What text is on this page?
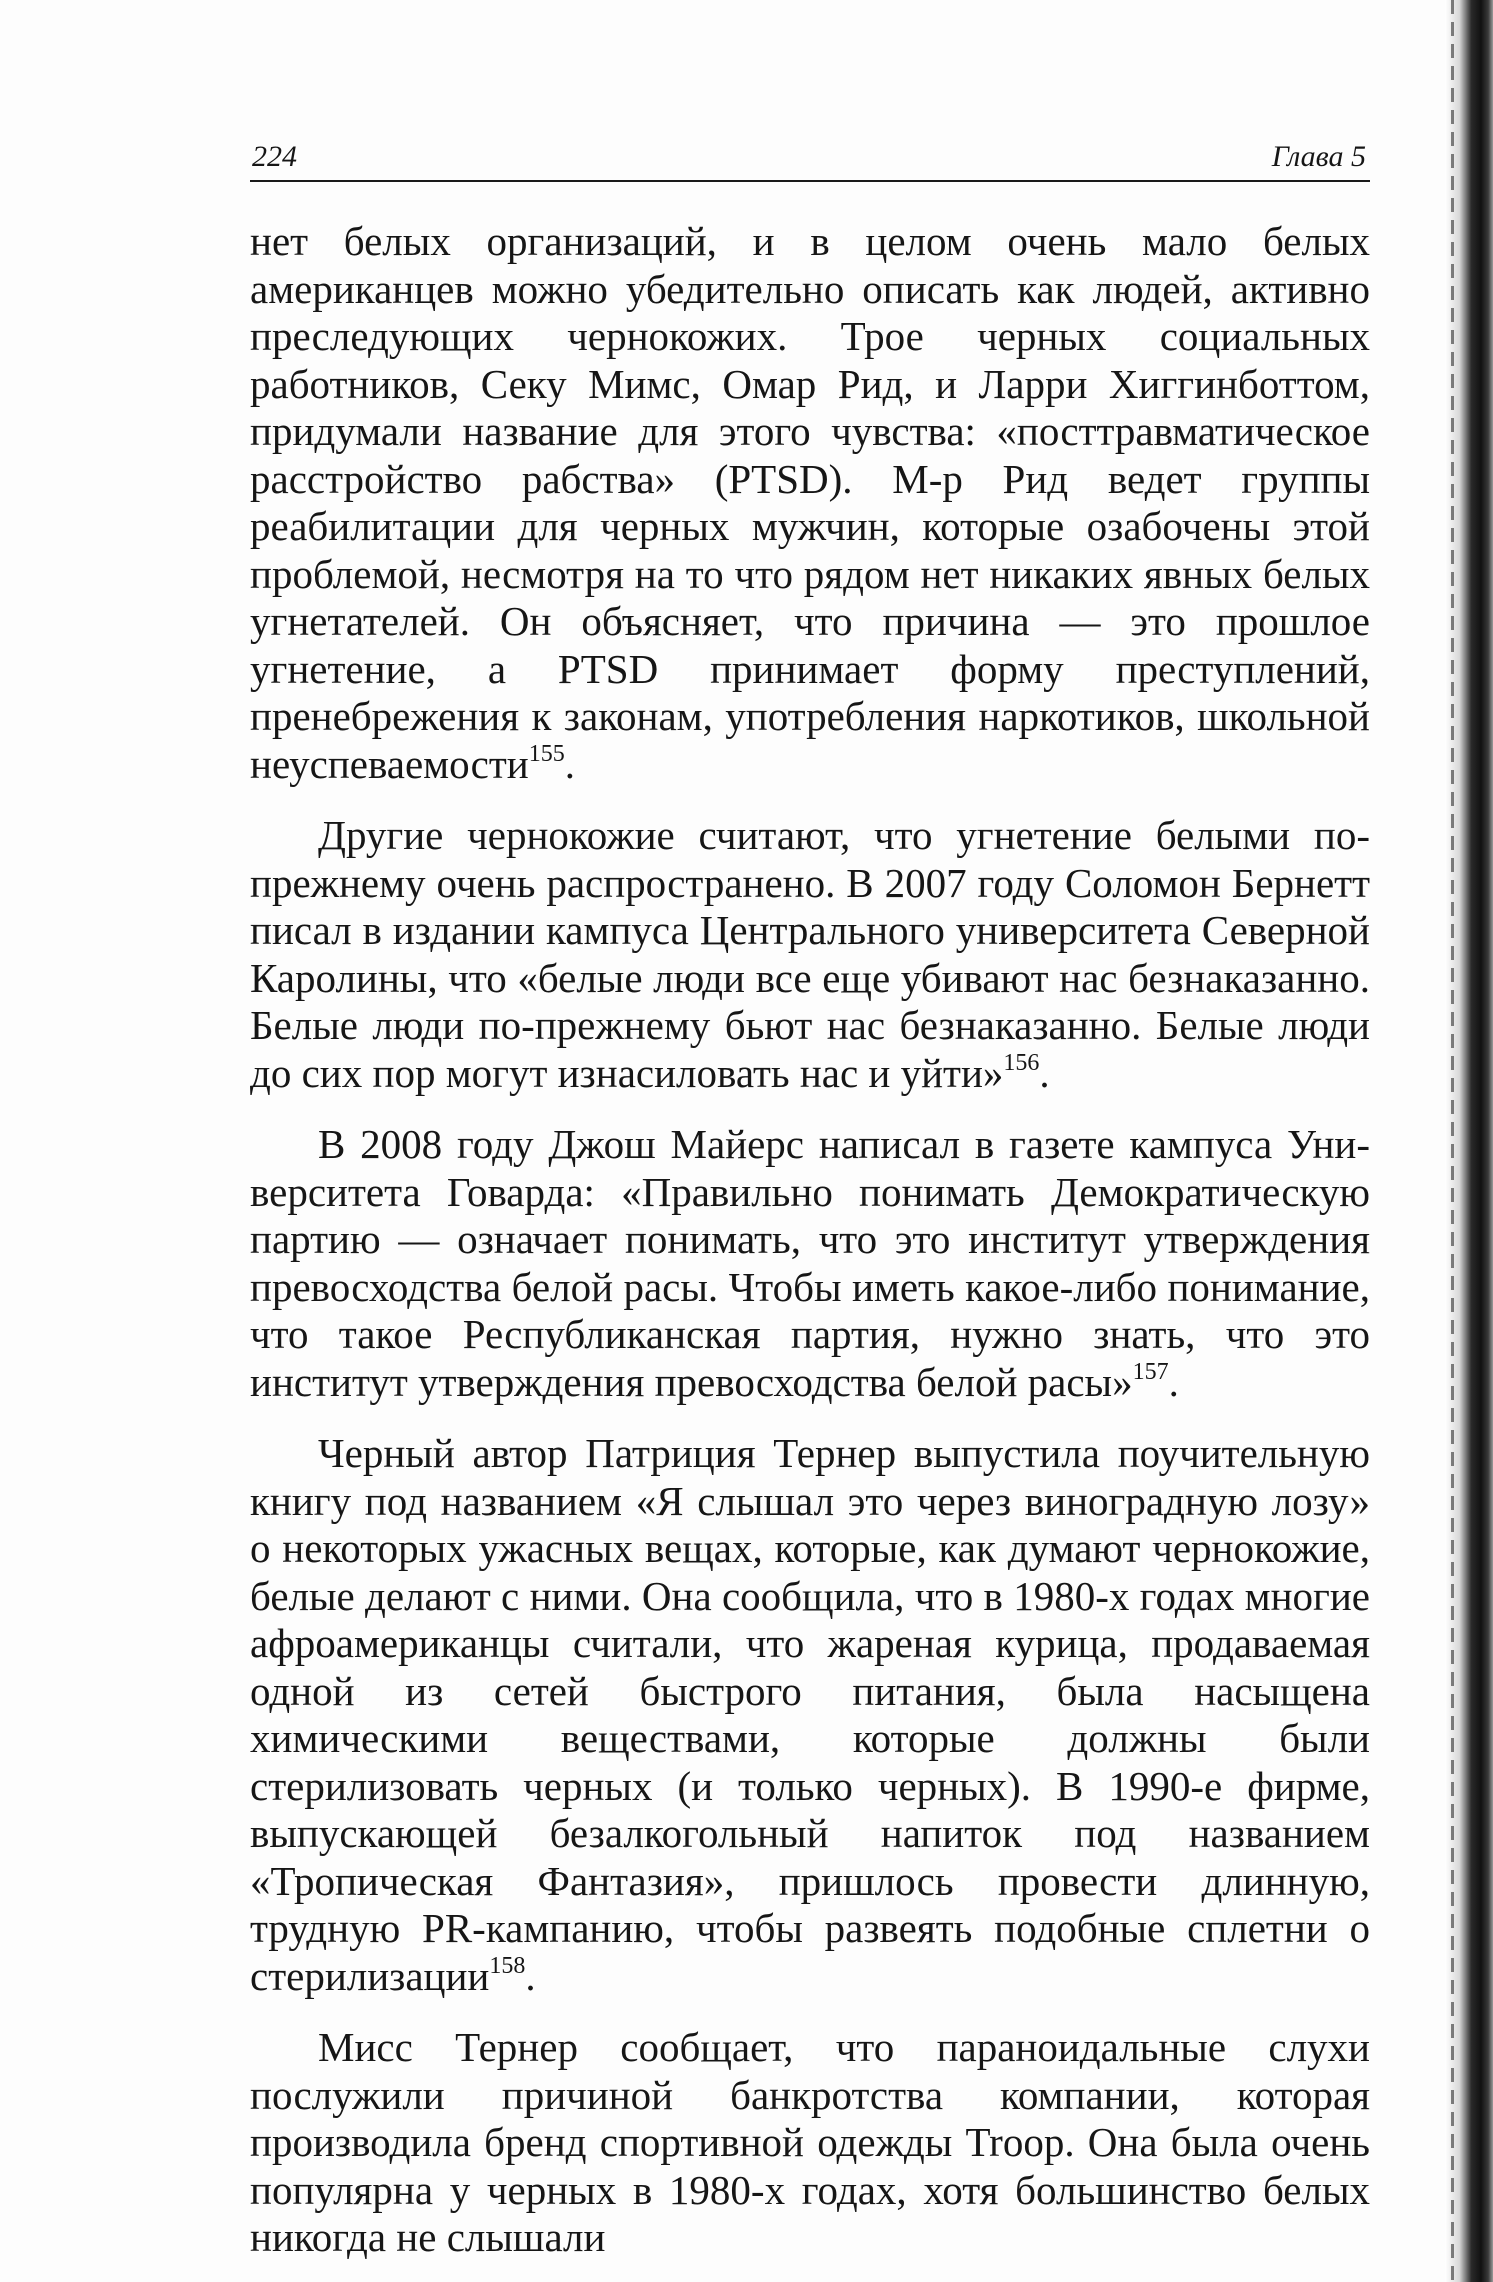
224	Глава 5

нет белых организаций, и в целом очень мало белых американцев можно убедительно описать как людей, активно преследующих чернокожих. Трое черных социальных работников, Секу Мимс, Омар Рид, и Ларри Хиггинботтом, придумали название для этого чувства: «посттравматическое расстройство рабства» (PTSD). М-р Рид ведет группы реабилитации для черных мужчин, которые озабочены этой проблемой, несмотря на то что рядом нет никаких явных белых угнетателей. Он объясняет, что причина — это прошлое угнетение, а PTSD принимает форму преступлений, пренебрежения к законам, употребления наркотиков, школьной неуспеваемости$^{155}$.

Другие чернокожие считают, что угнетение белыми по-прежнему очень распространено. В 2007 году Соломон Бернетт писал в издании кампуса Центрального университета Северной Каролины, что «белые люди все еще убивают нас безнаказанно. Белые люди по-прежнему бьют нас безнаказанно. Белые люди до сих пор могут изнасиловать нас и уйти»$^{156}$.

В 2008 году Джош Майерс написал в газете кампуса Университета Говарда: «Правильно понимать Демократическую партию — означает понимать, что это институт утверждения превосходства белой расы. Чтобы иметь какое-либо понимание, что такое Республиканская партия, нужно знать, что это институт утверждения превосходства белой расы»$^{157}$.

Черный автор Патриция Тернер выпустила поучительную книгу под названием «Я слышал это через виноградную лозу» о некоторых ужасных вещах, которые, как думают чернокожие, белые делают с ними. Она сообщила, что в 1980-х годах многие афроамериканцы считали, что жареная курица, продаваемая одной из сетей быстрого питания, была насыщена химическими веществами, которые должны были стерилизовать черных (и только черных). В 1990-е фирме, выпускающей безалкогольный напиток под названием «Тропическая Фантазия», пришлось провести длинную, трудную PR-кампанию, чтобы развеять подобные сплетни о стерилизации$^{158}$.

Мисс Тернер сообщает, что параноидальные слухи послужили причиной банкротства компании, которая производила бренд спортивной одежды Troop. Она была очень популярна у черных в 1980-х годах, хотя большинство белых никогда не слышали
